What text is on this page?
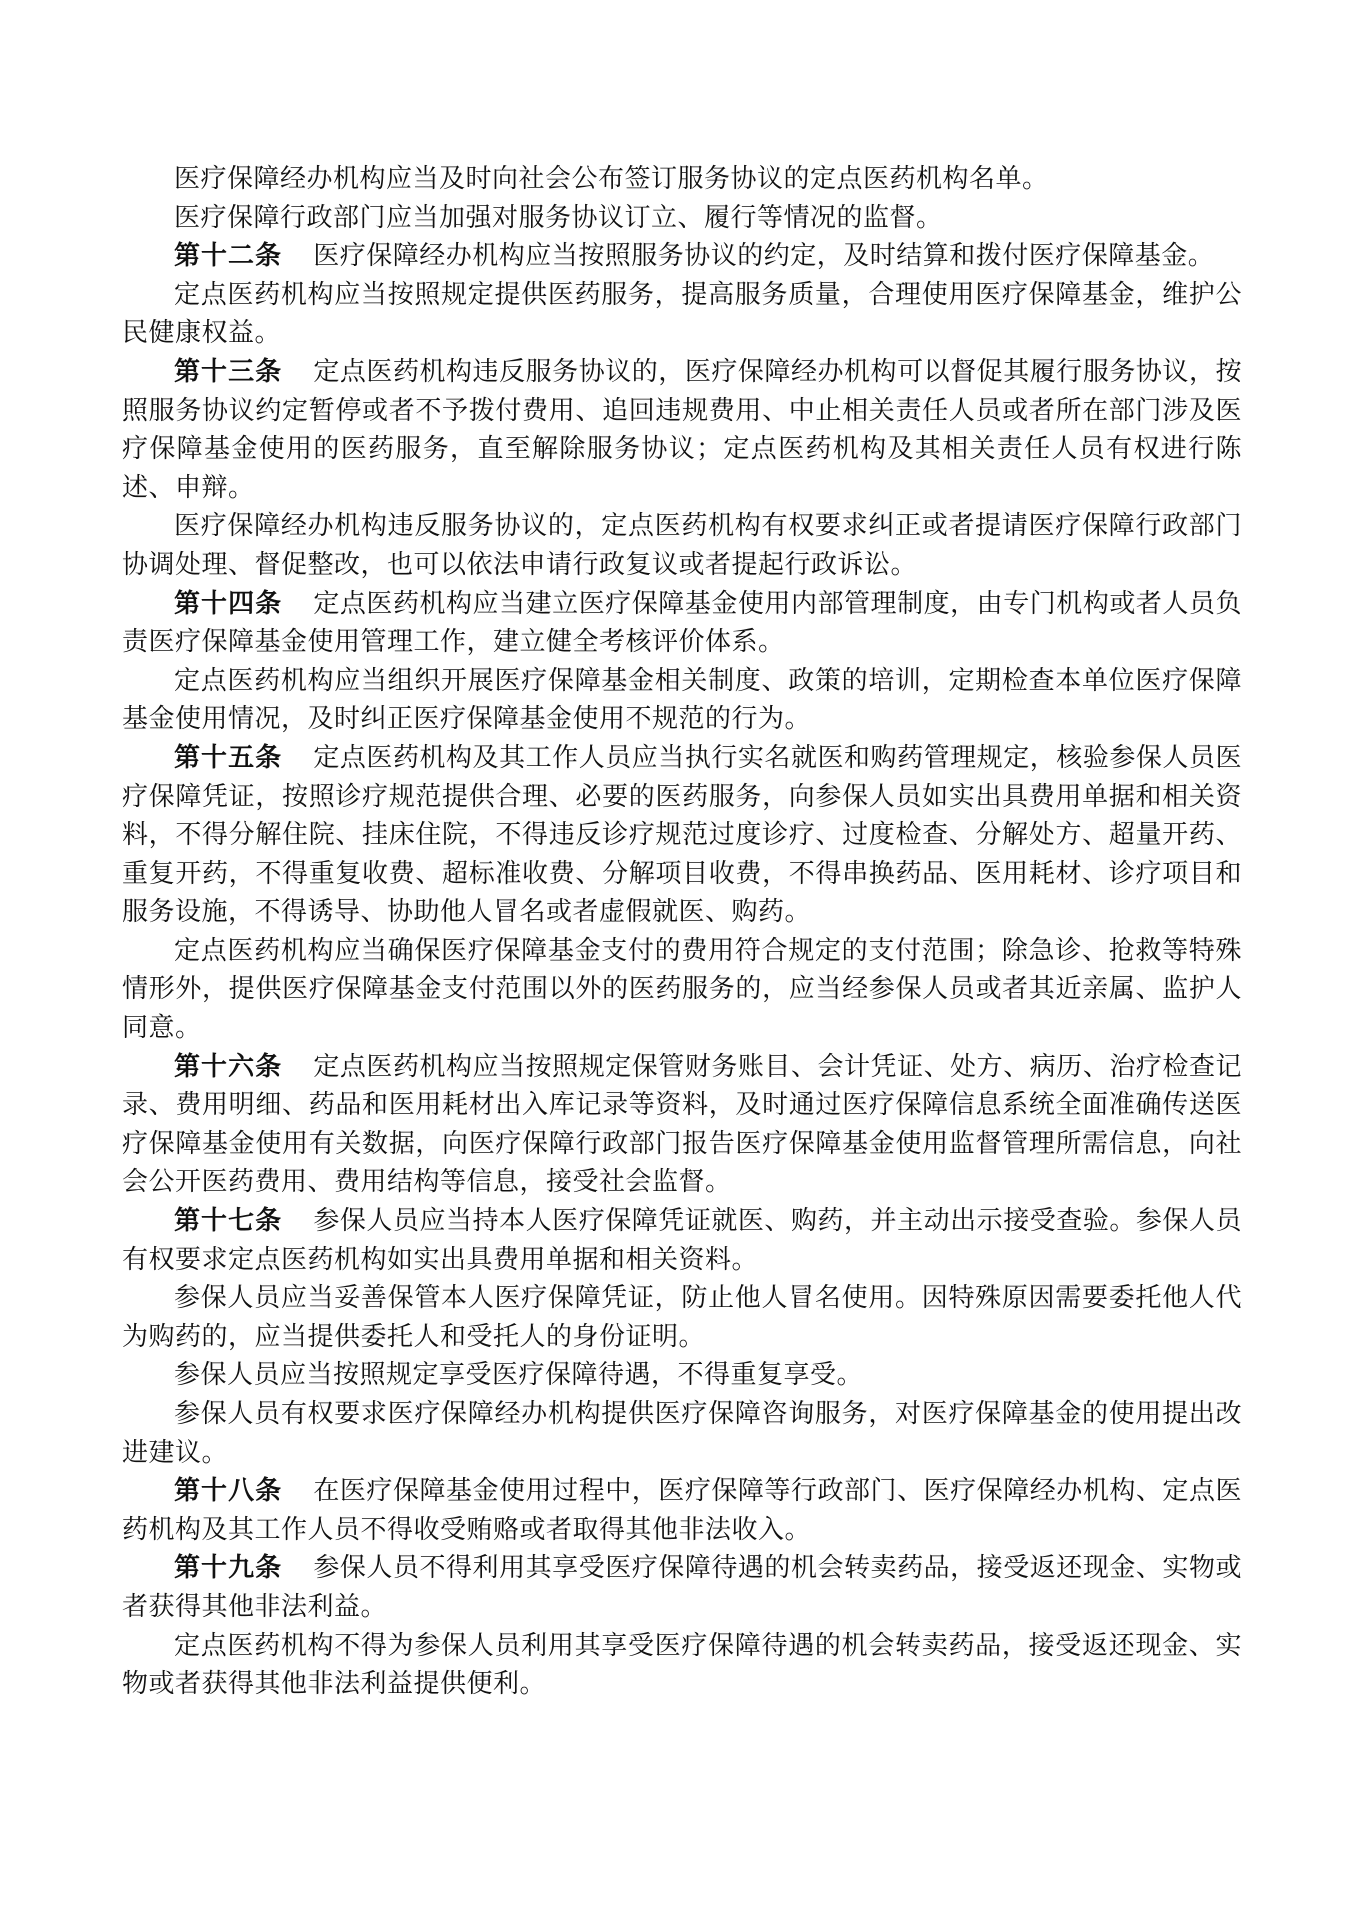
医疗保障经办机构应当及时向社会公布签订服务协议的定点医药机构名单。

医疗保障行政部门应当加强对服务协议订立、履行等情况的监督。

第十二条 医疗保障经办机构应当按照服务协议的约定，及时结算和拨付医疗保障基金。

定点医药机构应当按照规定提供医药服务，提高服务质量，合理使用医疗保障基金，维护公民健康权益。

第十三条 定点医药机构违反服务协议的，医疗保障经办机构可以督促其履行服务协议，按照服务协议约定暂停或者不予拨付费用、追回违规费用、中止相关责任人员或者所在部门涉及医疗保障基金使用的医药服务，直至解除服务协议；定点医药机构及其相关责任人员有权进行陈述、申辩。

医疗保障经办机构违反服务协议的，定点医药机构有权要求纠正或者提请医疗保障行政部门协调处理、督促整改，也可以依法申请行政复议或者提起行政诉讼。

第十四条 定点医药机构应当建立医疗保障基金使用内部管理制度，由专门机构或者人员负责医疗保障基金使用管理工作，建立健全考核评价体系。

定点医药机构应当组织开展医疗保障基金相关制度、政策的培训，定期检查本单位医疗保障基金使用情况，及时纠正医疗保障基金使用不规范的行为。

第十五条 定点医药机构及其工作人员应当执行实名就医和购药管理规定，核验参保人员医疗保障凭证，按照诊疗规范提供合理、必要的医药服务，向参保人员如实出具费用单据和相关资料，不得分解住院、挂床住院，不得违反诊疗规范过度诊疗、过度检查、分解处方、超量开药、重复开药，不得重复收费、超标准收费、分解项目收费，不得串换药品、医用耗材、诊疗项目和服务设施，不得诱导、协助他人冒名或者虚假就医、购药。

定点医药机构应当确保医疗保障基金支付的费用符合规定的支付范围；除急诊、抢救等特殊情形外，提供医疗保障基金支付范围以外的医药服务的，应当经参保人员或者其近亲属、监护人同意。

第十六条 定点医药机构应当按照规定保管财务账目、会计凭证、处方、病历、治疗检查记录、费用明细、药品和医用耗材出入库记录等资料，及时通过医疗保障信息系统全面准确传送医疗保障基金使用有关数据，向医疗保障行政部门报告医疗保障基金使用监督管理所需信息，向社会公开医药费用、费用结构等信息，接受社会监督。

第十七条 参保人员应当持本人医疗保障凭证就医、购药，并主动出示接受查验。参保人员有权要求定点医药机构如实出具费用单据和相关资料。

参保人员应当妥善保管本人医疗保障凭证，防止他人冒名使用。因特殊原因需要委托他人代为购药的，应当提供委托人和受托人的身份证明。

参保人员应当按照规定享受医疗保障待遇，不得重复享受。

参保人员有权要求医疗保障经办机构提供医疗保障咨询服务，对医疗保障基金的使用提出改进建议。

第十八条 在医疗保障基金使用过程中，医疗保障等行政部门、医疗保障经办机构、定点医药机构及其工作人员不得收受贿赂或者取得其他非法收入。

第十九条 参保人员不得利用其享受医疗保障待遇的机会转卖药品，接受返还现金、实物或者获得其他非法利益。

定点医药机构不得为参保人员利用其享受医疗保障待遇的机会转卖药品，接受返还现金、实物或者获得其他非法利益提供便利。
